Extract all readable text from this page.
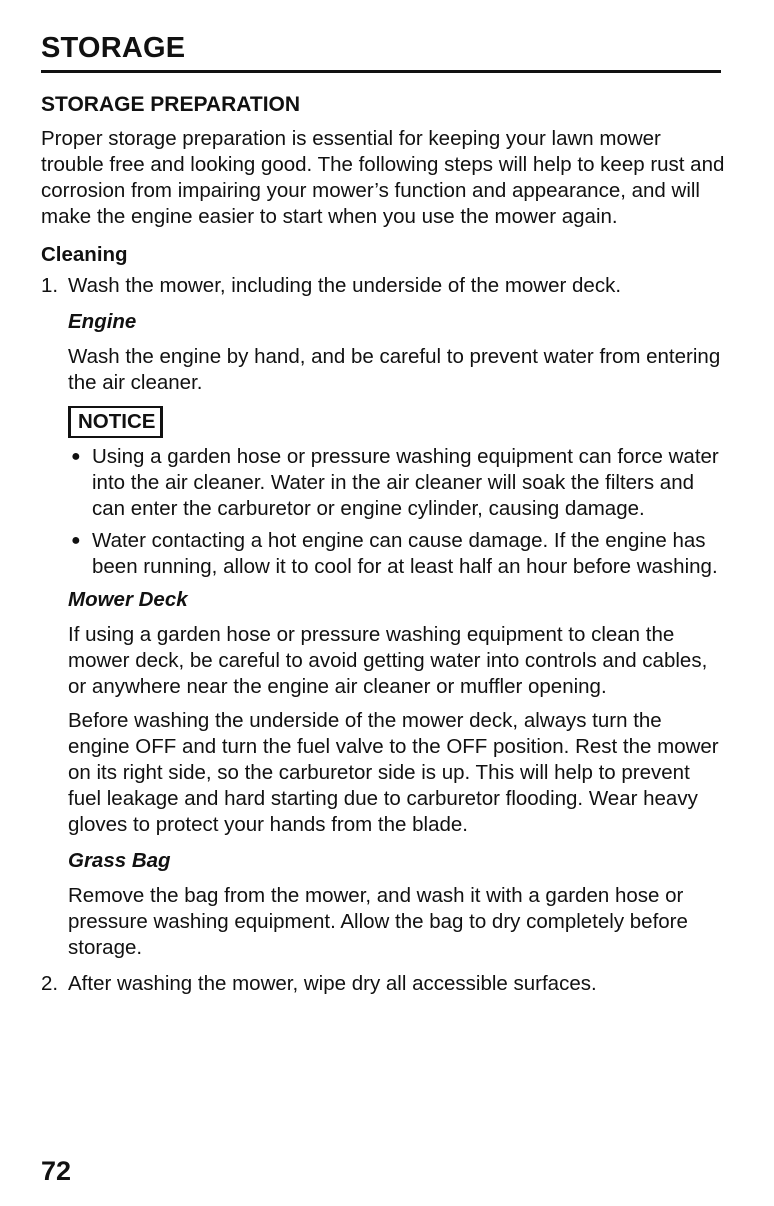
STORAGE
STORAGE PREPARATION

Proper storage preparation is essential for keeping your lawn mower trouble free and looking good. The following steps will help to keep rust and corrosion from impairing your mower’s function and appearance, and will make the engine easier to start when you use the mower again.

Cleaning
1. Wash the mower, including the underside of the mower deck.

Engine

Wash the engine by hand, and be careful to prevent water from entering the air cleaner.

NOTICE
● Using a garden hose or pressure washing equipment can force water into the air cleaner. Water in the air cleaner will soak the filters and can enter the carburetor or engine cylinder, causing damage.
● Water contacting a hot engine can cause damage. If the engine has been running, allow it to cool for at least half an hour before washing.

Mower Deck

If using a garden hose or pressure washing equipment to clean the mower deck, be careful to avoid getting water into controls and cables, or anywhere near the engine air cleaner or muffler opening.

Before washing the underside of the mower deck, always turn the engine OFF and turn the fuel valve to the OFF position. Rest the mower on its right side, so the carburetor side is up. This will help to prevent fuel leakage and hard starting due to carburetor flooding. Wear heavy gloves to protect your hands from the blade.

Grass Bag

Remove the bag from the mower, and wash it with a garden hose or pressure washing equipment. Allow the bag to dry completely before storage.

2. After washing the mower, wipe dry all accessible surfaces.

72
